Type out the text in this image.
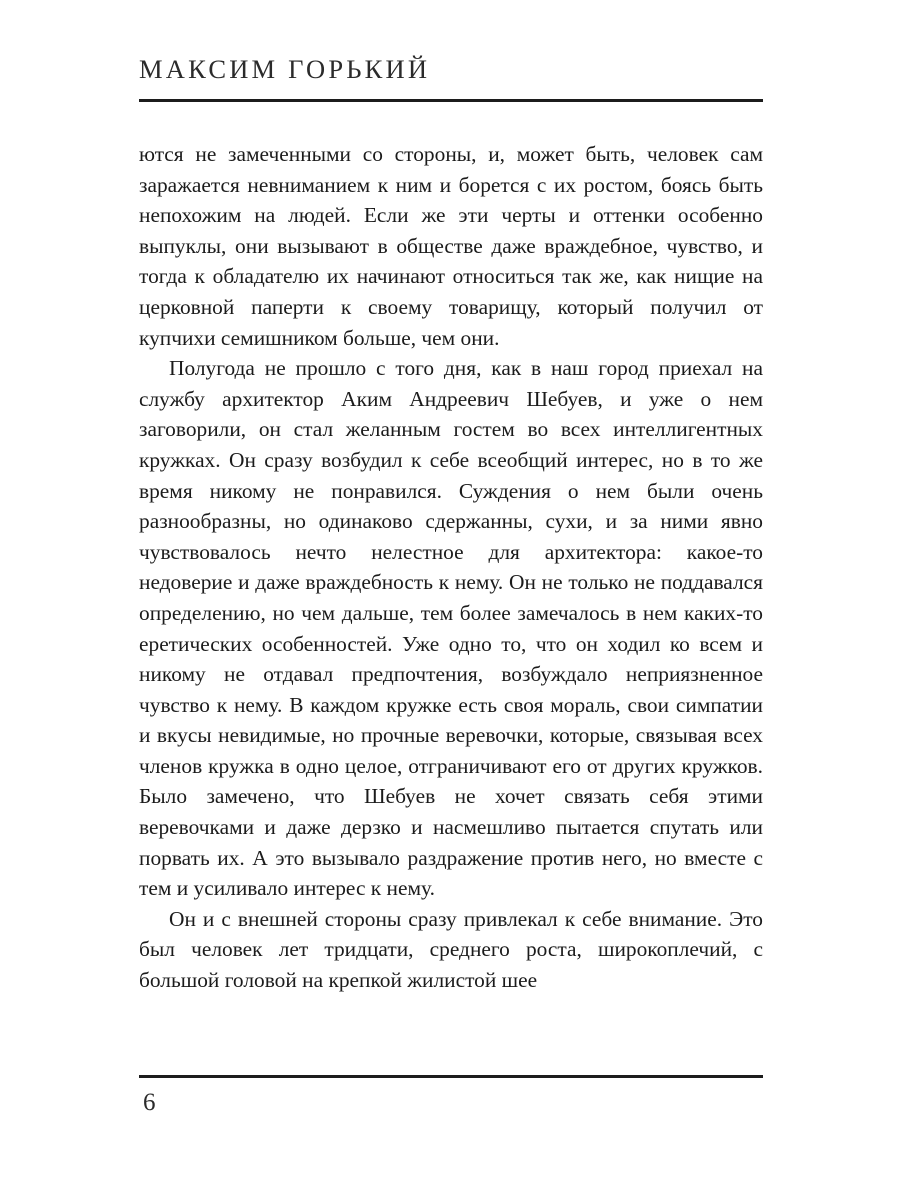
МАКСИМ ГОРЬКИЙ

ются не замеченными со стороны, и, может быть, человек сам заражается невниманием к ним и борется с их ростом, боясь быть непохожим на людей. Если же эти черты и оттенки особенно выпуклы, они вызывают в обществе даже враждебное, чувство, и тогда к обладателю их начинают относиться так же, как нищие на церковной паперти к своему товарищу, который получил от купчихи семишником больше, чем они.

Полугода не прошло с того дня, как в наш город приехал на службу архитектор Аким Андреевич Шебуев, и уже о нем заговорили, он стал желанным гостем во всех интеллигентных кружках. Он сразу возбудил к себе всеобщий интерес, но в то же время никому не понравился. Суждения о нем были очень разнообразны, но одинаково сдержанны, сухи, и за ними явно чувствовалось нечто нелестное для архитектора: какое-то недоверие и даже враждебность к нему. Он не только не поддавался определению, но чем дальше, тем более замечалось в нем каких-то еретических особенностей. Уже одно то, что он ходил ко всем и никому не отдавал предпочтения, возбуждало неприязненное чувство к нему. В каждом кружке есть своя мораль, свои симпатии и вкусы невидимые, но прочные веревочки, которые, связывая всех членов кружка в одно целое, отграничивают его от других кружков. Было замечено, что Шебуев не хочет связать себя этими веревочками и даже дерзко и насмешливо пытается спутать или порвать их. А это вызывало раздражение против него, но вместе с тем и усиливало интерес к нему.

Он и с внешней стороны сразу привлекал к себе внимание. Это был человек лет тридцати, среднего роста, широкоплечий, с большой головой на крепкой жилистой шее

6
